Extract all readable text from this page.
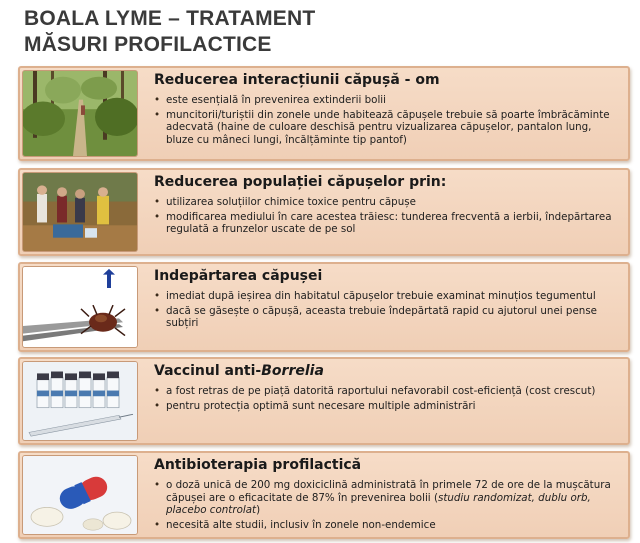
BOALA LYME – TRATAMENT
MĂSURI PROFILACTICE
Reducerea interacțiunii căpușă - om
• este esențială în prevenirea extinderii bolii
• muncitorii/turiștii din zonele unde habitează căpușele trebuie să poarte îmbrăcăminte adecvată (haine de culoare deschisă pentru vizualizarea căpușelor, pantalon lung, bluze cu mâneci lungi, încălțăminte tip pantof)
Reducerea populației căpușelor prin:
• utilizarea soluțiilor chimice toxice pentru căpușe
• modificarea mediului în care acestea trăiesc: tunderea frecventă a ierbii, îndepărtarea regulată a frunzelor uscate de pe sol
Indepărtarea căpușei
• imediat după ieșirea din habitatul căpușelor trebuie examinat minuțios tegumentul
• dacă se găsește o căpușă, aceasta trebuie îndepărtată rapid cu ajutorul unei pense subțiri
Vaccinul anti-Borrelia
• a fost retras de pe piață datorită raportului nefavorabil cost-eficiență (cost crescut)
• pentru protecția optimă sunt necesare multiple administrări
Antibioterapia profilactică
• o doză unică de 200 mg doxiciclină administrată în primele 72 de ore de la mușcătura căpușei are o eficacitate de 87% în prevenirea bolii (studiu randomizat, dublu orb, placebo controlat)
• necesită alte studii, inclusiv în zonele non-endemice
